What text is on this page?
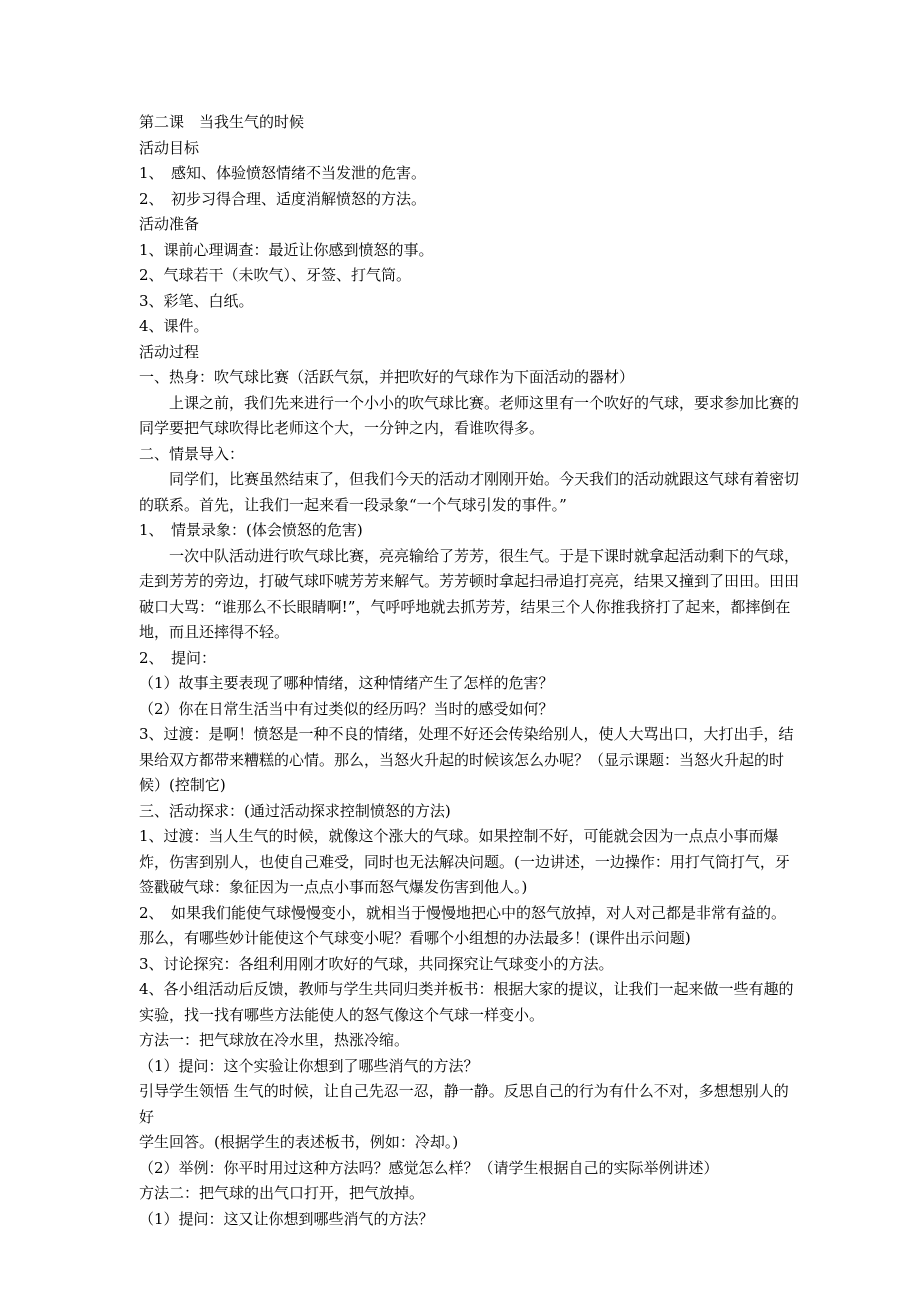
第二课　当我生气的时候

活动目标

1、　感知、体验愤怒情绪不当发泄的危害。

2、　初步习得合理、适度消解愤怒的方法。

活动准备

1、课前心理调查：最近让你感到愤怒的事。

2、气球若干（未吹气）、牙签、打气筒。

3、彩笔、白纸。

4、课件。

活动过程

一、热身：吹气球比赛（活跃气氛，并把吹好的气球作为下面活动的器材）

上课之前，我们先来进行一个小小的吹气球比赛。老师这里有一个吹好的气球，要求参加比赛的同学要把气球吹得比老师这个大，一分钟之内，看谁吹得多。

二、情景导入：

同学们，比赛虽然结束了，但我们今天的活动才刚刚开始。今天我们的活动就跟这气球有着密切的联系。首先，让我们一起来看一段录象“一个气球引发的事件。”

1、　情景录象：(体会愤怒的危害)

一次中队活动进行吹气球比赛，亮亮输给了芳芳，很生气。于是下课时就拿起活动剩下的气球，走到芳芳的旁边，打破气球吓唬芳芳来解气。芳芳顿时拿起扫帚追打亮亮，结果又撞到了田田。田田破口大骂：“谁那么不长眼睛啊!”，气呼呼地就去抓芳芳，结果三个人你推我挤打了起来，都摔倒在地，而且还摔得不轻。

2、　提问：

（1）故事主要表现了哪种情绪，这种情绪产生了怎样的危害？

（2）你在日常生活当中有过类似的经历吗？当时的感受如何？

3、过渡：是啊！愤怒是一种不良的情绪，处理不好还会传染给别人，使人大骂出口，大打出手，结果给双方都带来糟糕的心情。那么，当怒火升起的时候该怎么办呢？（显示课题：当怒火升起的时候）(控制它)

三、活动探求：(通过活动探求控制愤怒的方法)

1、过渡：当人生气的时候，就像这个涨大的气球。如果控制不好，可能就会因为一点点小事而爆炸，伤害到别人，也使自己难受，同时也无法解决问题。(一边讲述，一边操作：用打气筒打气，牙签戳破气球：象征因为一点点小事而怒气爆发伤害到他人。)

2、　如果我们能使气球慢慢变小，就相当于慢慢地把心中的怒气放掉，对人对己都是非常有益的。那么，有哪些妙计能使这个气球变小呢？看哪个小组想的办法最多！(课件出示问题)

3、讨论探究：各组利用刚才吹好的气球，共同探究让气球变小的方法。

4、各小组活动后反馈，教师与学生共同归类并板书：根据大家的提议，让我们一起来做一些有趣的实验，找一找有哪些方法能使人的怒气像这个气球一样变小。

方法一：把气球放在冷水里，热涨冷缩。

（1）提问：这个实验让你想到了哪些消气的方法？

引导学生领悟 生气的时候，让自己先忍一忍，静一静。反思自己的行为有什么不对，多想想别人的好

学生回答。(根据学生的表述板书，例如：冷却。)

（2）举例：你平时用过这种方法吗？感觉怎么样？（请学生根据自己的实际举例讲述）

方法二：把气球的出气口打开，把气放掉。

（1）提问：这又让你想到哪些消气的方法？
